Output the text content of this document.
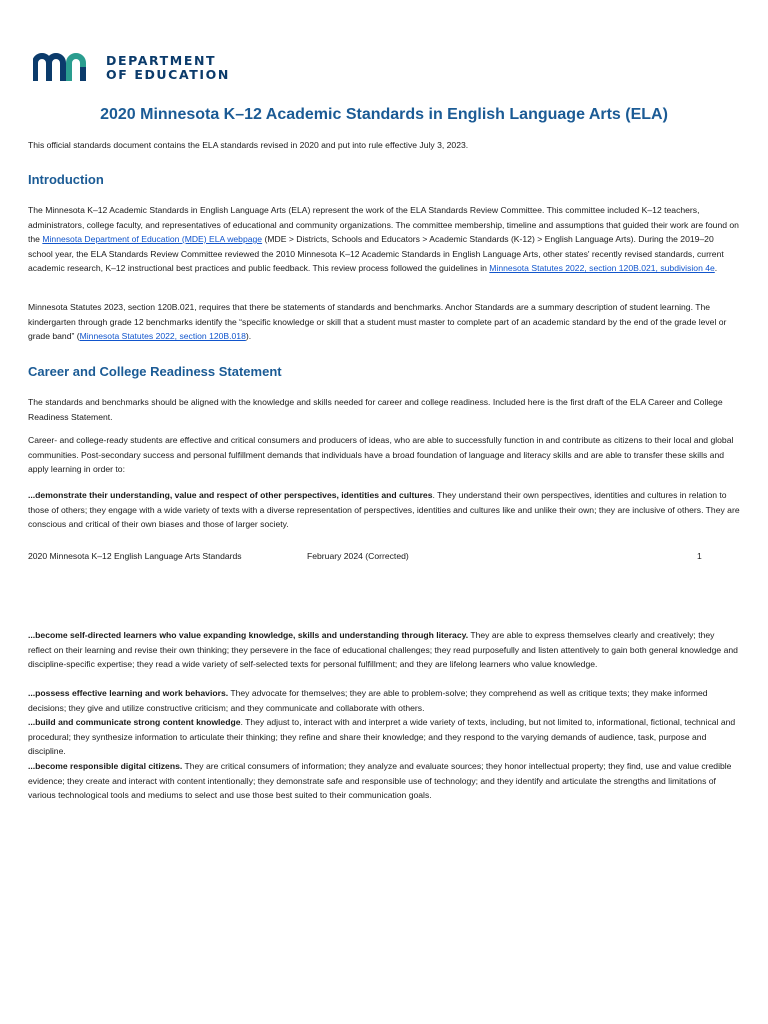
DEPARTMENT
OF EDUCATION
2020 Minnesota K–12 Academic Standards in English Language Arts (ELA)

This official standards document contains the ELA standards revised in 2020 and put into rule effective July 3, 2023.

Introduction

The Minnesota K–12 Academic Standards in English Language Arts (ELA) represent the work of the ELA Standards Review Committee. This committee included K–12 teachers, administrators, college faculty, and representatives of educational and community organizations. The committee membership, timeline and assumptions that guided their work are found on the Minnesota Department of Education (MDE) ELA webpage (MDE > Districts, Schools and Educators > Academic Standards (K-12) > English Language Arts). During the 2019–20 school year, the ELA Standards Review Committee reviewed the 2010 Minnesota K–12 Academic Standards in English Language Arts, other states' recently revised standards, current academic research, K–12 instructional best practices and public feedback. This review process followed the guidelines in Minnesota Statutes 2022, section 120B.021, subdivision 4e.

Minnesota Statutes 2023, section 120B.021, requires that there be statements of standards and benchmarks. Anchor Standards are a summary description of student learning. The kindergarten through grade 12 benchmarks identify the “specific knowledge or skill that a student must master to complete part of an academic standard by the end of the grade level or grade band” (Minnesota Statutes 2022, section 120B.018).

Career and College Readiness Statement

The standards and benchmarks should be aligned with the knowledge and skills needed for career and college readiness. Included here is the first draft of the ELA Career and College Readiness Statement.

Career- and college-ready students are effective and critical consumers and producers of ideas, who are able to successfully function in and contribute as citizens to their local and global communities. Post-secondary success and personal fulfillment demands that individuals have a broad foundation of language and literacy skills and are able to transfer these skills and apply learning in order to:

...demonstrate their understanding, value and respect of other perspectives, identities and cultures. They understand their own perspectives, identities and cultures in relation to those of others; they engage with a wide variety of texts with a diverse representation of perspectives, identities and cultures like and unlike their own; they are inclusive of others. They are conscious and critical of their own biases and those of larger society.

2020 Minnesota K–12 English Language Arts Standards	February 2024 (Corrected)	1

...become self-directed learners who value expanding knowledge, skills and understanding through literacy. They are able to express themselves clearly and creatively; they reflect on their learning and revise their own thinking; they persevere in the face of educational challenges; they read purposefully and listen attentively to gain both general knowledge and discipline-specific expertise; they read a wide variety of self-selected texts for personal fulfillment; and they are lifelong learners who value knowledge.

...possess effective learning and work behaviors. They advocate for themselves; they are able to problem-solve; they comprehend as well as critique texts; they make informed decisions; they give and utilize constructive criticism; and they communicate and collaborate with others.

...build and communicate strong content knowledge. They adjust to, interact with and interpret a wide variety of texts, including, but not limited to, informational, fictional, technical and procedural; they synthesize information to articulate their thinking; they refine and share their knowledge; and they respond to the varying demands of audience, task, purpose and discipline.

...become responsible digital citizens. They are critical consumers of information; they analyze and evaluate sources; they honor intellectual property; they find, use and value credible evidence; they create and interact with content intentionally; they demonstrate safe and responsible use of technology; and they identify and articulate the strengths and limitations of various technological tools and mediums to select and use those best suited to their communication goals.
